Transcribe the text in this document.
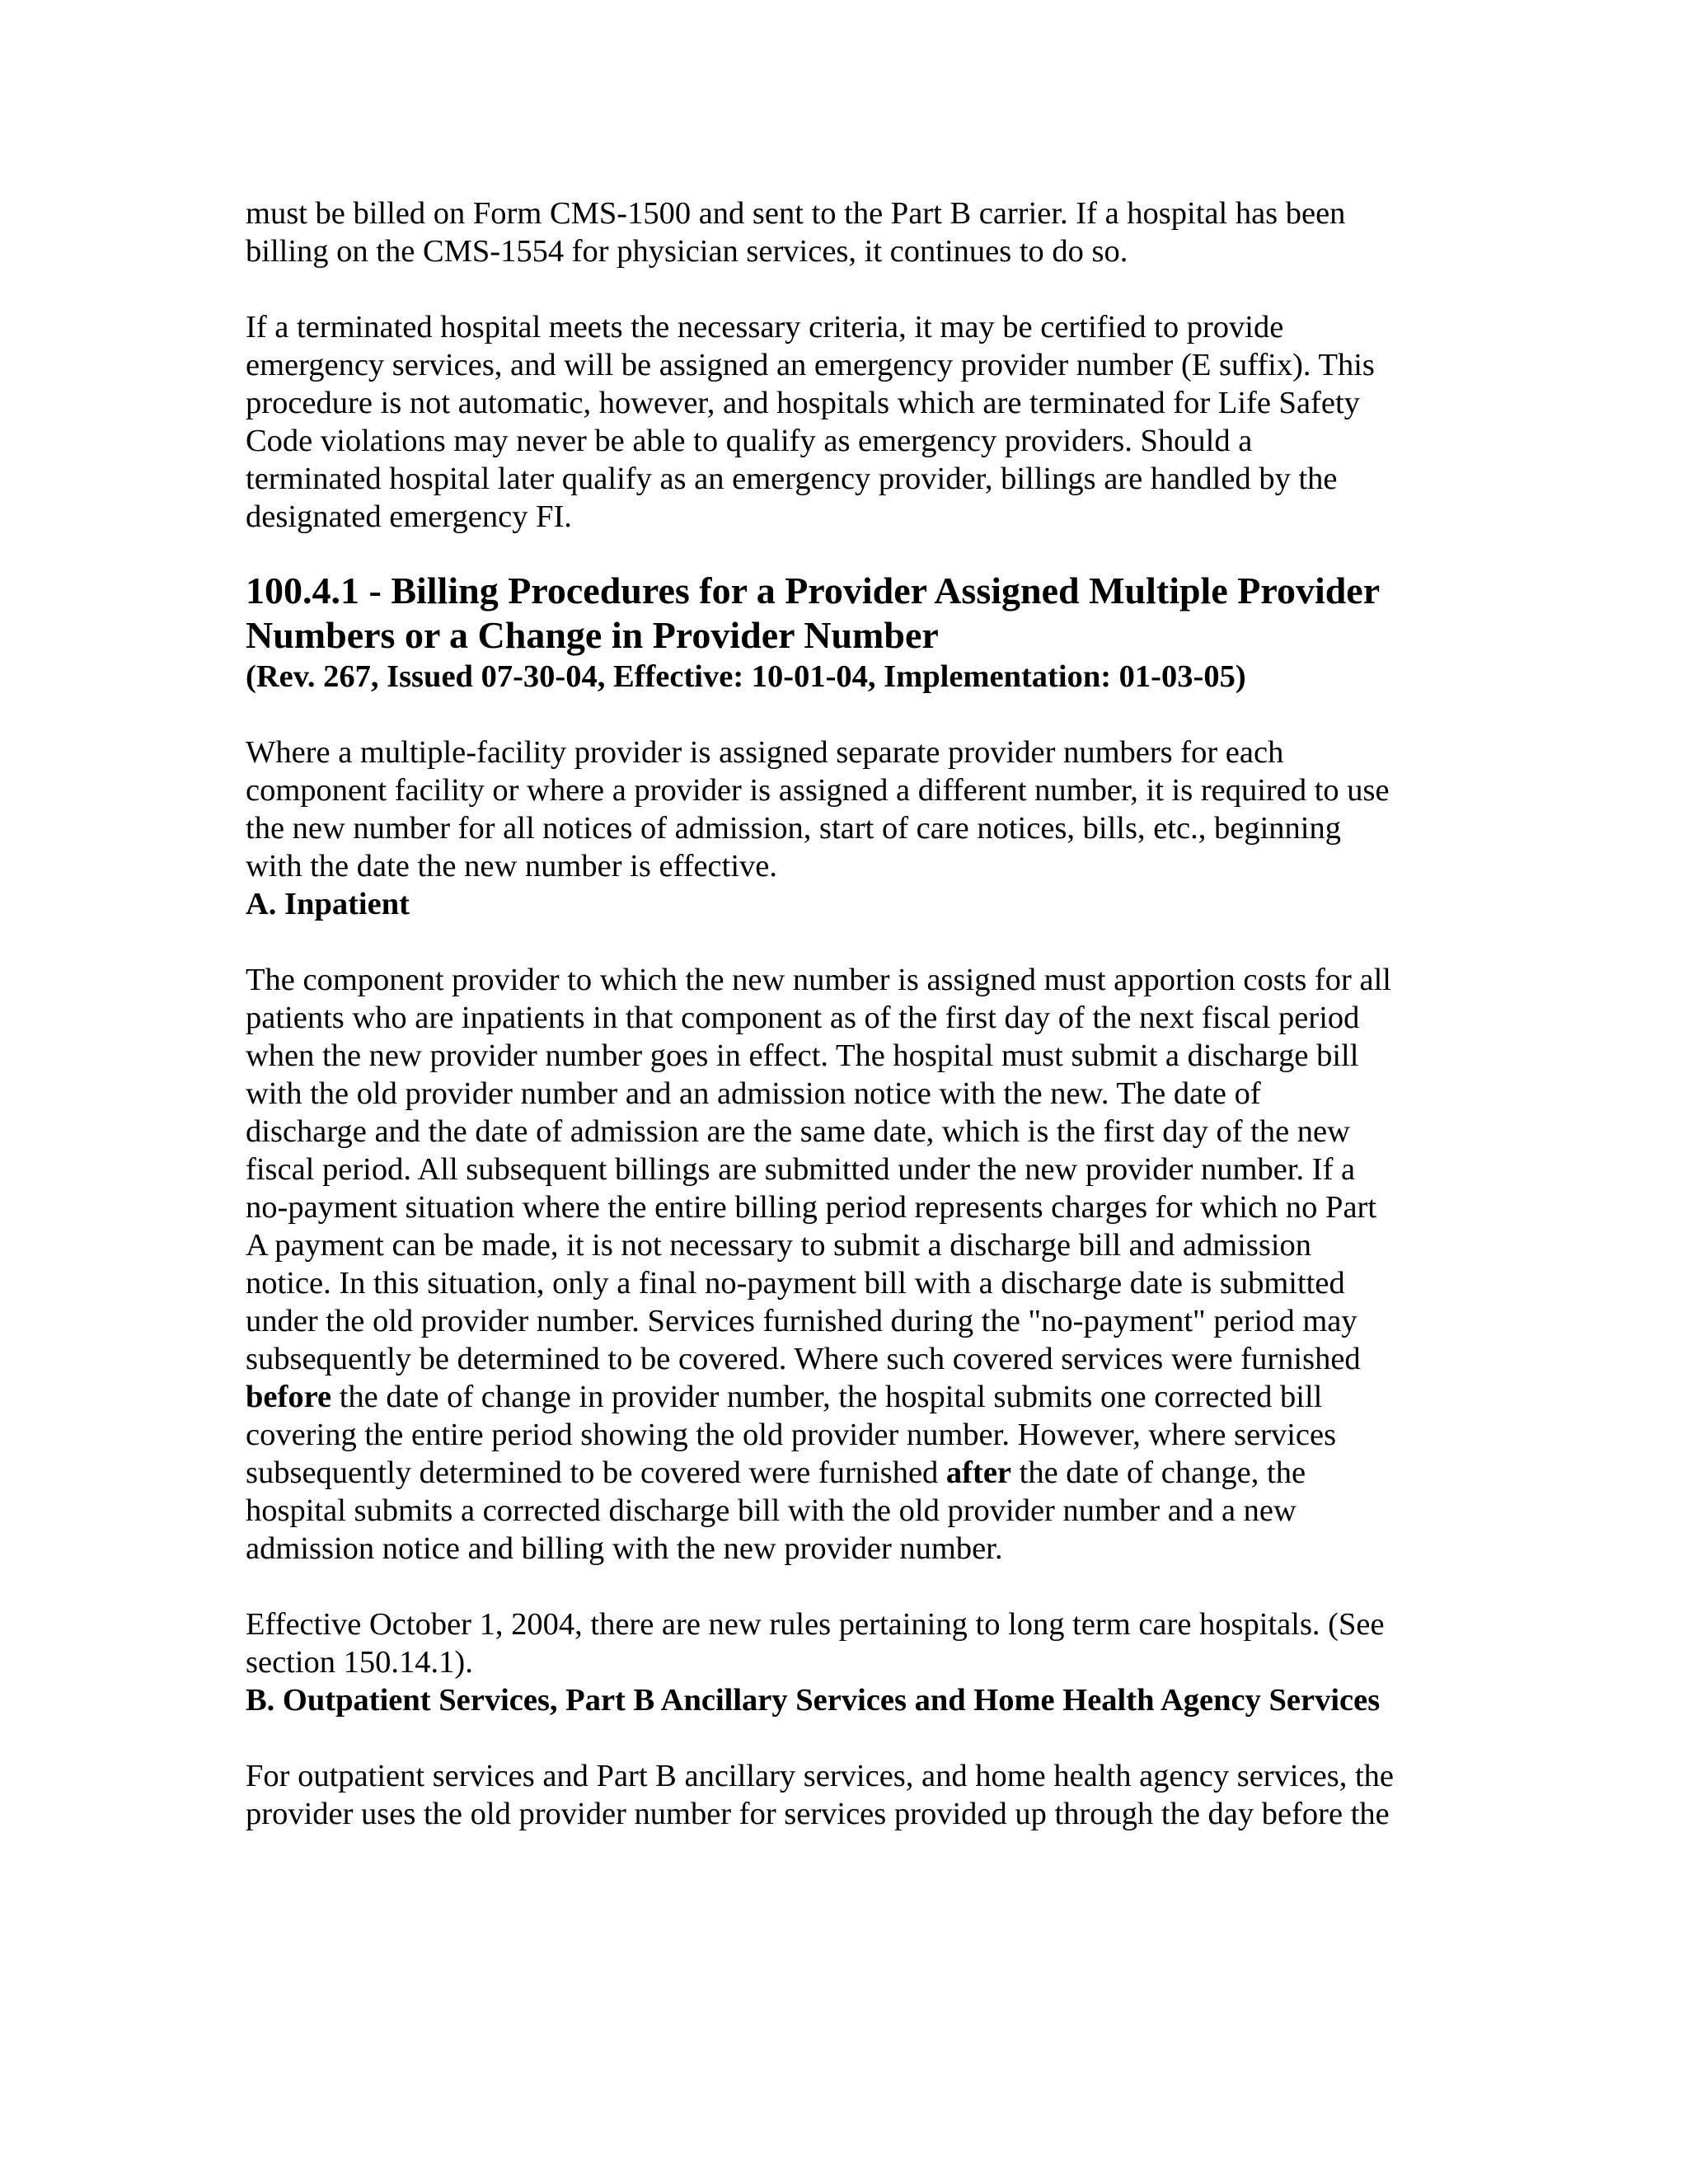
must be billed on Form CMS-1500 and sent to the Part B carrier. If a hospital has been
billing on the CMS-1554 for physician services, it continues to do so.

If a terminated hospital meets the necessary criteria, it may be certified to provide
emergency services, and will be assigned an emergency provider number (E suffix). This
procedure is not automatic, however, and hospitals which are terminated for Life Safety
Code violations may never be able to qualify as emergency providers. Should a
terminated hospital later qualify as an emergency provider, billings are handled by the
designated emergency FI.

100.4.1 - Billing Procedures for a Provider Assigned Multiple Provider
Numbers or a Change in Provider Number
(Rev. 267, Issued 07-30-04, Effective: 10-01-04, Implementation: 01-03-05)

Where a multiple-facility provider is assigned separate provider numbers for each
component facility or where a provider is assigned a different number, it is required to use
the new number for all notices of admission, start of care notices, bills, etc., beginning
with the date the new number is effective.

A. Inpatient

The component provider to which the new number is assigned must apportion costs for all
patients who are inpatients in that component as of the first day of the next fiscal period
when the new provider number goes in effect. The hospital must submit a discharge bill
with the old provider number and an admission notice with the new. The date of
discharge and the date of admission are the same date, which is the first day of the new
fiscal period. All subsequent billings are submitted under the new provider number. If a
no-payment situation where the entire billing period represents charges for which no Part
A payment can be made, it is not necessary to submit a discharge bill and admission
notice. In this situation, only a final no-payment bill with a discharge date is submitted
under the old provider number. Services furnished during the "no-payment" period may
subsequently be determined to be covered. Where such covered services were furnished
before the date of change in provider number, the hospital submits one corrected bill
covering the entire period showing the old provider number. However, where services
subsequently determined to be covered were furnished after the date of change, the
hospital submits a corrected discharge bill with the old provider number and a new
admission notice and billing with the new provider number.

Effective October 1, 2004, there are new rules pertaining to long term care hospitals. (See
section 150.14.1).

B. Outpatient Services, Part B Ancillary Services and Home Health Agency Services

For outpatient services and Part B ancillary services, and home health agency services, the
provider uses the old provider number for services provided up through the day before the
